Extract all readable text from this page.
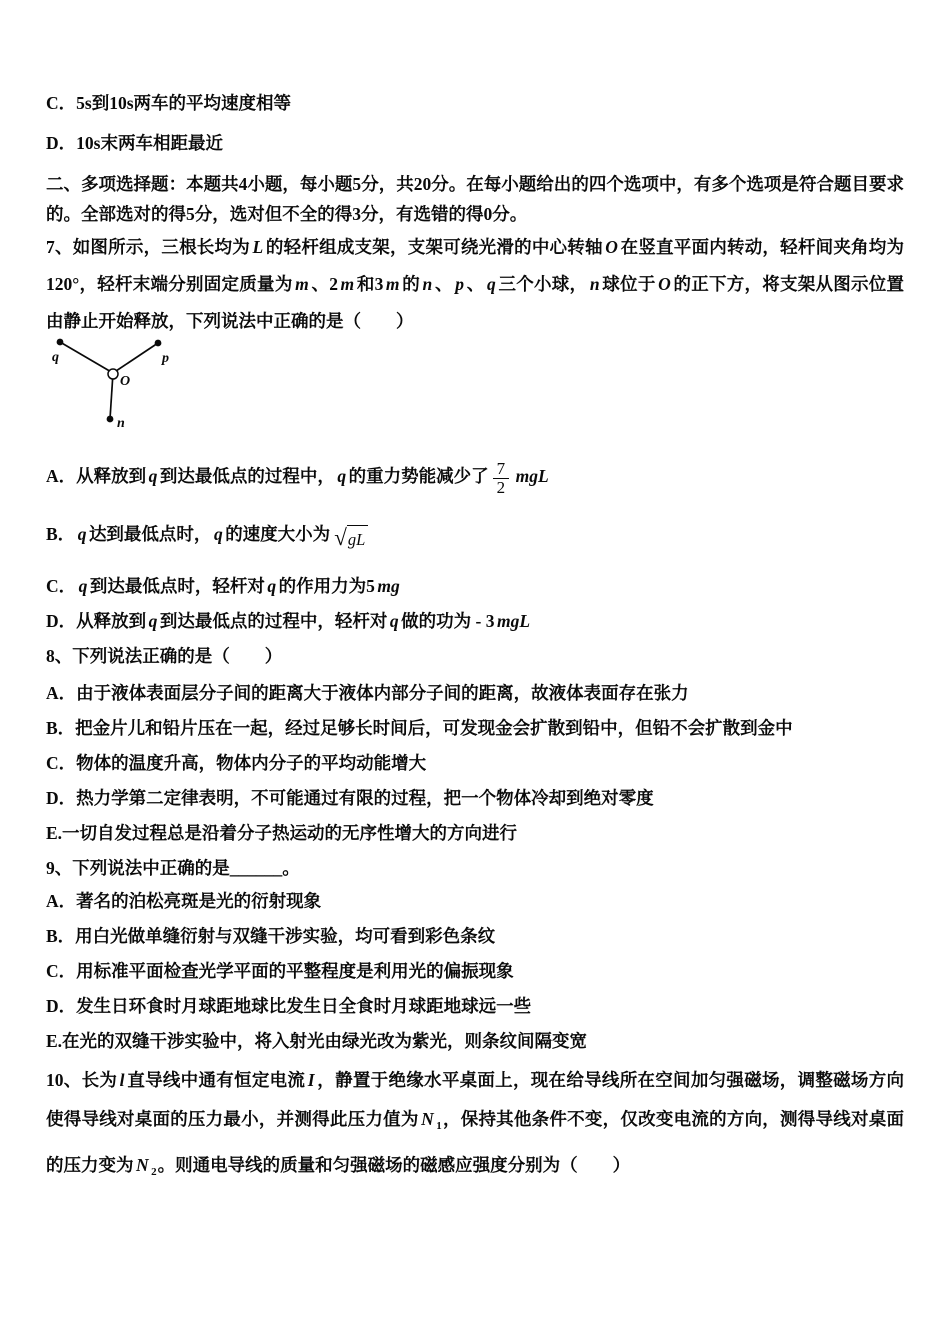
C．5s到10s两车的平均速度相等
D．10s末两车相距最近
二、多项选择题：本题共4小题，每小题5分，共20分。在每小题给出的四个选项中，有多个选项是符合题目要求的。全部选对的得5分，选对但不全的得3分，有选错的得0分。
7、如图所示，三根长均为 L 的轻杆组成支架，支架可绕光滑的中心转轴 O 在竖直平面内转动，轻杆间夹角均为120°，轻杆末端分别固定质量为 m 、2 m 和3 m 的 n 、 p 、 q 三个小球， n 球位于 O 的正下方，将支架从图示位置由静止开始释放，下列说法中正确的是（　　）
q	p
O
n
A．从释放到 q 到达最低点的过程中， q 的重力势能减少了 $\frac{7}{2}$ mgL
B． q 达到最低点时， q 的速度大小为 √ gL
C． q 到达最低点时，轻杆对 q 的作用力为5 mg
D．从释放到 q 到达最低点的过程中，轻杆对 q 做的功为 - 3 mgL
8、下列说法正确的是（　　）
A．由于液体表面层分子间的距离大于液体内部分子间的距离，故液体表面存在张力
B．把金片儿和铅片压在一起，经过足够长时间后，可发现金会扩散到铅中，但铅不会扩散到金中
C．物体的温度升高，物体内分子的平均动能增大
D．热力学第二定律表明，不可能通过有限的过程，把一个物体冷却到绝对零度
E.一切自发过程总是沿着分子热运动的无序性增大的方向进行
9、下列说法中正确的是______。
A．著名的泊松亮斑是光的衍射现象
B．用白光做单缝衍射与双缝干涉实验，均可看到彩色条纹
C．用标准平面检查光学平面的平整程度是利用光的偏振现象
D．发生日环食时月球距地球比发生日全食时月球距地球远一些
E.在光的双缝干涉实验中，将入射光由绿光改为紫光，则条纹间隔变宽
10、长为 l 直导线中通有恒定电流 I ，静置于绝缘水平桌面上，现在给导线所在空间加匀强磁场，调整磁场方向使得导线对桌面的压力最小，并测得此压力值为 N $_1$，保持其他条件不变，仅改变电流的方向，测得导线对桌面的压力变为 N $_2$。则通电导线的质量和匀强磁场的磁感应强度分别为（　　）
